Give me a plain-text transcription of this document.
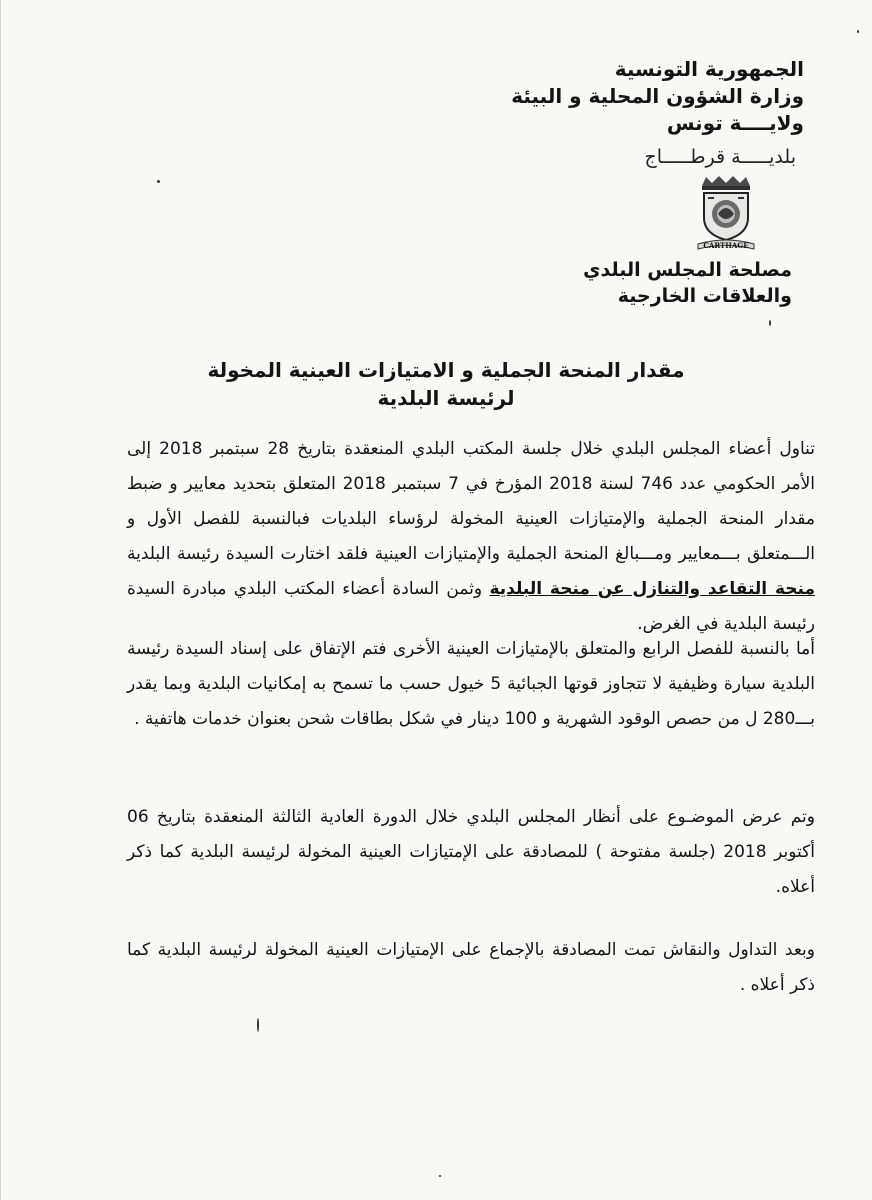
الجمهورية التونسية
وزارة الشؤون المحلية و البيئة
ولايــــة تونس
بلديـــــة قرطـــــاج
CARTHAGE
مصلحة المجلس البلدي
والعلاقات الخارجية
مقدار المنحة الجملية و الامتيازات العينية المخولة لرئيسة البلدية
تناول أعضاء المجلس البلدي خلال جلسة المكتب البلدي المنعقدة بتاريخ 28 سبتمبر 2018 إلى الأمر الحكومي عدد 746 لسنة 2018 المؤرخ في 7 سبتمبر 2018 المتعلق بتحديد معايير و ضبط مقدار المنحة الجملية والإمتيازات العينية المخولة لرؤساء البلديات فبالنسبة للفصل الأول و الـــمتعلق بـــمعايير ومـــبالغ المنحة الجملية والإمتيازات العينية فلقد اختارت السيدة رئيسة البلدية منحة التقاعد والتنازل عن منحة البلدية وثمن السادة أعضاء المكتب البلدي مبادرة السيدة رئيسة البلدية في الغرض.
أما بالنسبة للفصل الرابع والمتعلق بالإمتيازات العينية الأخرى فتم الإتفاق على إسناد السيدة رئيسة البلدية سيارة وظيفية لا تتجاوز قوتها الجبائية 5 خيول حسب ما تسمح به إمكانيات البلدية وبما يقدر بـــ280 ل من حصص الوقود الشهرية و 100 دينار في شكل بطاقات شحن بعنوان خدمات هاتفية .
وتم عرض الموضـوع على أنظار المجلس البلدي خلال الدورة العادية الثالثة المنعقدة بتاريخ 06 أكتوبر 2018 (جلسة مفتوحة ) للمصادقة على الإمتيازات العينية المخولة لرئيسة البلدية كما ذكر أعلاه.
وبعد التداول والنقاش تمت المصادقة بالإجماع على الإمتيازات العينية المخولة لرئيسة البلدية كما ذكر أعلاه .
